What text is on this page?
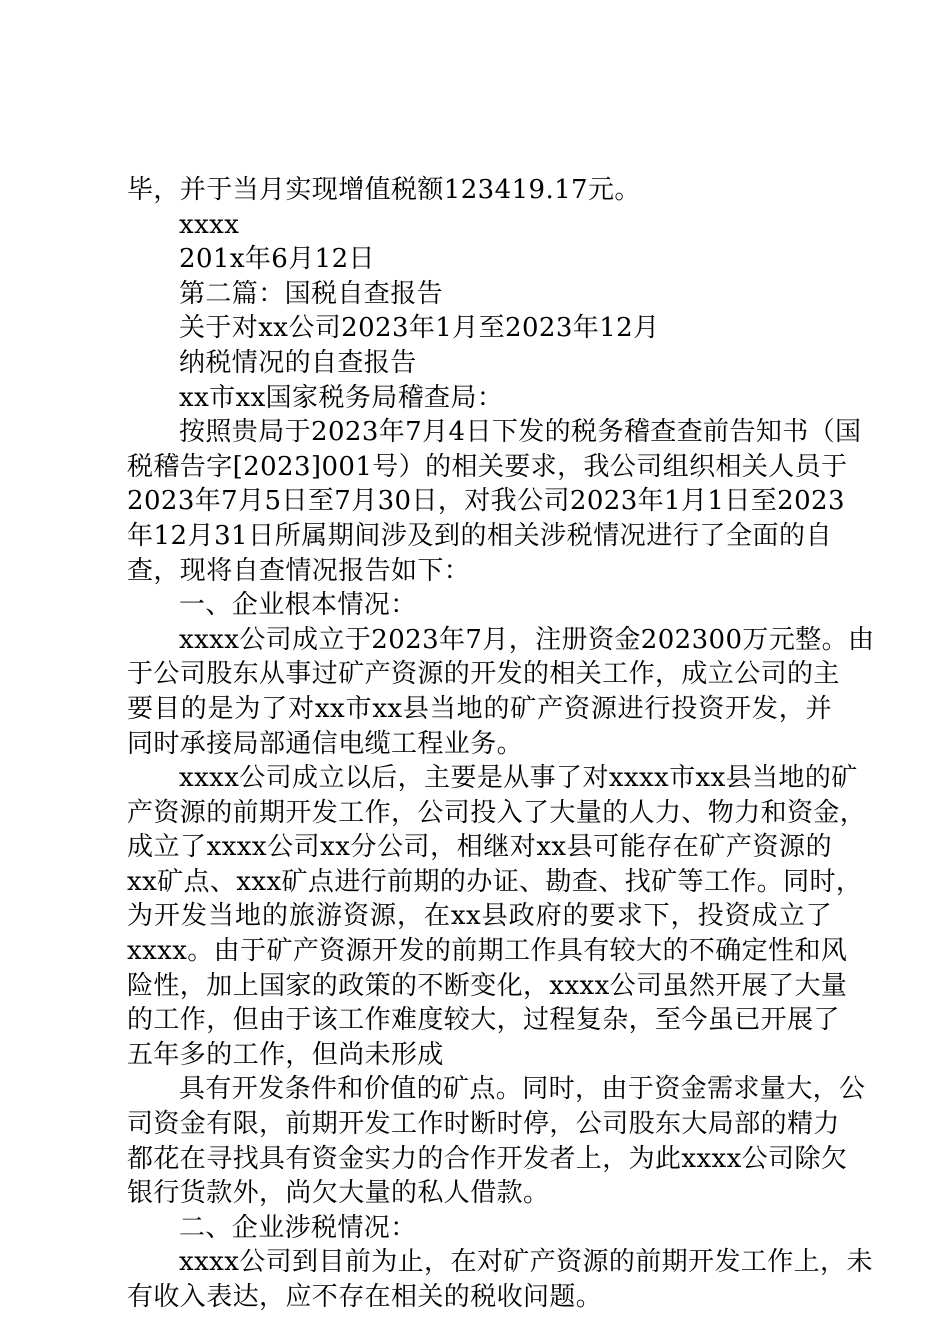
毕，并于当月实现增值税额123419.17元。
xxxx
201x年6月12日
第二篇：国税自查报告
关于对xx公司2023年1月至2023年12月
纳税情况的自查报告
xx市xx国家税务局稽查局：
按照贵局于2023年7月4日下发的税务稽查查前告知书（国
税稽告字[2023]001号）的相关要求，我公司组织相关人员于
2023年7月5日至7月30日，对我公司2023年1月1日至2023
年12月31日所属期间涉及到的相关涉税情况进行了全面的自
查，现将自查情况报告如下：
一、企业根本情况：
xxxx公司成立于2023年7月，注册资金202300万元整。由
于公司股东从事过矿产资源的开发的相关工作，成立公司的主
要目的是为了对xx市xx县当地的矿产资源进行投资开发，并
同时承接局部通信电缆工程业务。
xxxx公司成立以后，主要是从事了对xxxx市xx县当地的矿
产资源的前期开发工作，公司投入了大量的人力、物力和资金，
成立了xxxx公司xx分公司，相继对xx县可能存在矿产资源的
xx矿点、xxx矿点进行前期的办证、勘查、找矿等工作。同时，
为开发当地的旅游资源，在xx县政府的要求下，投资成立了
xxxx。由于矿产资源开发的前期工作具有较大的不确定性和风
险性，加上国家的政策的不断变化，xxxx公司虽然开展了大量
的工作，但由于该工作难度较大，过程复杂，至今虽已开展了
五年多的工作，但尚未形成
具有开发条件和价值的矿点。同时，由于资金需求量大，公
司资金有限，前期开发工作时断时停，公司股东大局部的精力
都花在寻找具有资金实力的合作开发者上，为此xxxx公司除欠
银行货款外，尚欠大量的私人借款。
二、企业涉税情况：
xxxx公司到目前为止，在对矿产资源的前期开发工作上，未
有收入表达，应不存在相关的税收问题。
